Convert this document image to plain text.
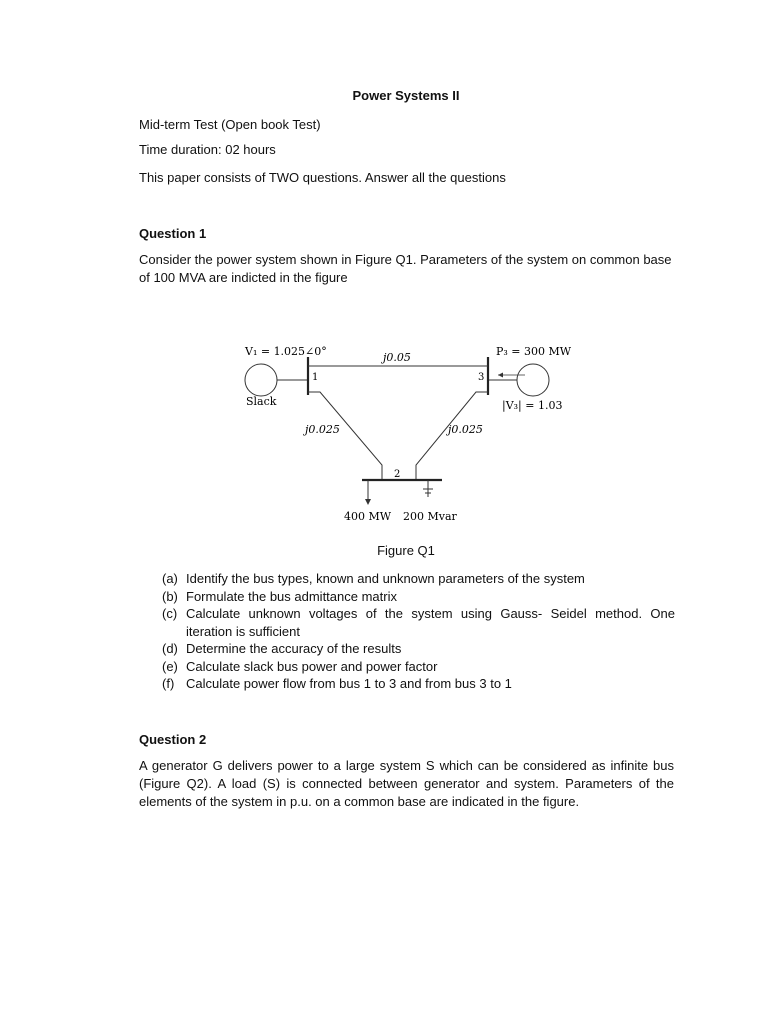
Power Systems II
Mid-term Test (Open book Test)
Time duration: 02 hours
This paper consists of TWO questions. Answer all the questions
Question 1
Consider the power system shown in Figure Q1. Parameters of the system on common base of 100 MVA are indicted in the figure
V₁ = 1.025∠0°	j0.05	P₃ = 300 MW
1	3
2
Slack	|V₃| = 1.03
j0.025	j0.025
400 MW 200 Mvar
Figure Q1
(a) Identify the bus types, known and unknown parameters of the system
(b) Formulate the bus admittance matrix
(c) Calculate unknown voltages of the system using Gauss- Seidel method. One iteration is sufficient
(d) Determine the accuracy of the results
(e) Calculate slack bus power and power factor
(f) Calculate power flow from bus 1 to 3 and from bus 3 to 1
Question 2
A generator G delivers power to a large system S which can be considered as infinite bus (Figure Q2). A load (S) is connected between generator and system. Parameters of the elements of the system in p.u. on a common base are indicated in the figure.
